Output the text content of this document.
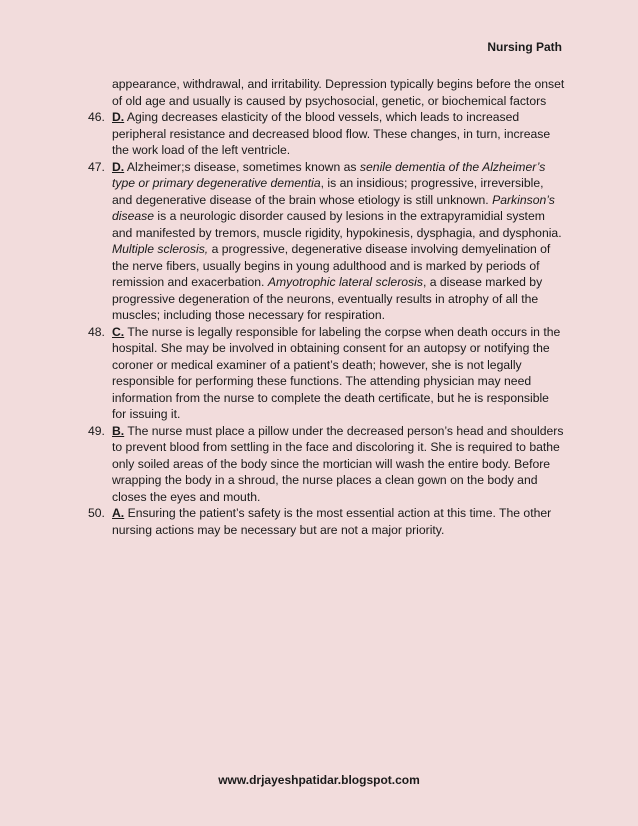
Nursing Path
appearance, withdrawal, and irritability. Depression typically begins before the onset of old age and usually is caused by psychosocial, genetic, or biochemical factors
46. D. Aging decreases elasticity of the blood vessels, which leads to increased peripheral resistance and decreased blood flow. These changes, in turn, increase the work load of the left ventricle.
47. D. Alzheimer;s disease, sometimes known as senile dementia of the Alzheimer’s type or primary degenerative dementia, is an insidious; progressive, irreversible, and degenerative disease of the brain whose etiology is still unknown. Parkinson’s disease is a neurologic disorder caused by lesions in the extrapyramidial system and manifested by tremors, muscle rigidity, hypokinesis, dysphagia, and dysphonia. Multiple sclerosis, a progressive, degenerative disease involving demyelination of the nerve fibers, usually begins in young adulthood and is marked by periods of remission and exacerbation. Amyotrophic lateral sclerosis, a disease marked by progressive degeneration of the neurons, eventually results in atrophy of all the muscles; including those necessary for respiration.
48. C. The nurse is legally responsible for labeling the corpse when death occurs in the hospital. She may be involved in obtaining consent for an autopsy or notifying the coroner or medical examiner of a patient’s death; however, she is not legally responsible for performing these functions. The attending physician may need information from the nurse to complete the death certificate, but he is responsible for issuing it.
49. B. The nurse must place a pillow under the decreased person’s head and shoulders to prevent blood from settling in the face and discoloring it. She is required to bathe only soiled areas of the body since the mortician will wash the entire body. Before wrapping the body in a shroud, the nurse places a clean gown on the body and closes the eyes and mouth.
50. A. Ensuring the patient’s safety is the most essential action at this time. The other nursing actions may be necessary but are not a major priority.
www.drjayeshpatidar.blogspot.com
